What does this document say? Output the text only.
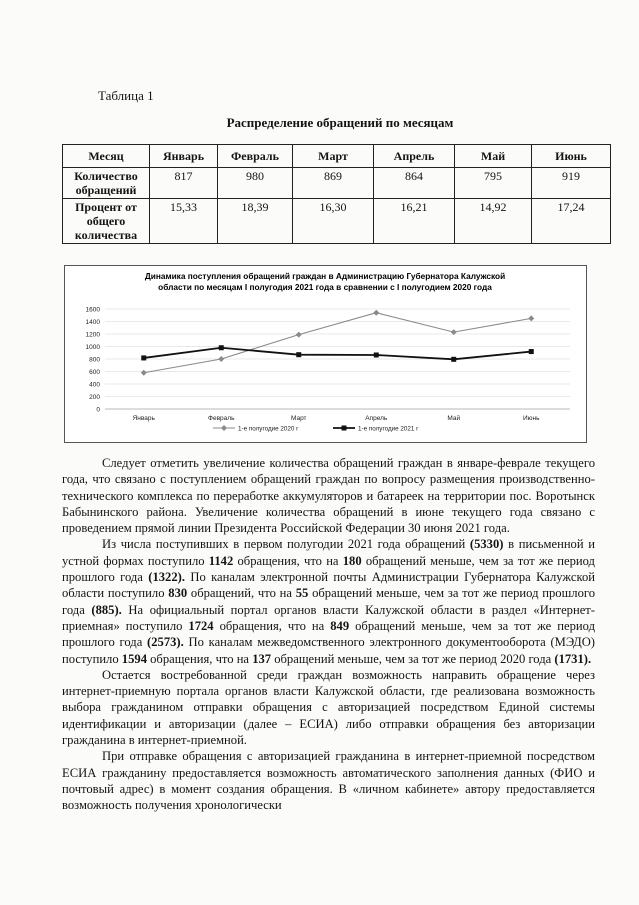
Таблица 1
Распределение обращений по месяцам
Месяц	Январь	Февраль	Март	Апрель	Май	Июнь
Количество обращений	817	980	869	864	795	919
Процент от общего количества	15,33	18,39	16,30	16,21	14,92	17,24
Динамика поступления обращений граждан в Администрацию Губернатора Калужской
области по месяцам I полугодия 2021 года в сравнении с I полугодием 2020 года
0
200
400
600
800
1000
1200
1400
1600
Январь	Февраль	Март	Апрель	Май	Июнь
1-е полугодие 2020 г	1-е полугодие 2021 г

Следует отметить увеличение количества обращений граждан в январе-феврале текущего года, что связано с поступлением обращений граждан по вопросу размещения производственно-технического комплекса по переработке аккумуляторов и батареек на территории пос. Воротынск Бабынинского района. Увеличение количества обращений в июне текущего года связано с проведением прямой линии Президента Российской Федерации 30 июня 2021 года.

Из числа поступивших в первом полугодии 2021 года обращений (5330) в письменной и устной формах поступило 1142 обращения, что на 180 обращений меньше, чем за тот же период прошлого года (1322). По каналам электронной почты Администрации Губернатора Калужской области поступило 830 обращений, что на 55 обращений меньше, чем за тот же период прошлого года (885). На официальный портал органов власти Калужской области в раздел «Интернет-приемная» поступило 1724 обращения, что на 849 обращений меньше, чем за тот же период прошлого года (2573). По каналам межведомственного электронного документооборота (МЭДО) поступило 1594 обращения, что на 137 обращений меньше, чем за тот же период 2020 года (1731).

Остается востребованной среди граждан возможность направить обращение через интернет-приемную портала органов власти Калужской области, где реализована возможность выбора гражданином отправки обращения с авторизацией посредством Единой системы идентификации и авторизации (далее – ЕСИА) либо отправки обращения без авторизации гражданина в интернет-приемной.

При отправке обращения с авторизацией гражданина в интернет-приемной посредством ЕСИА гражданину предоставляется возможность автоматического заполнения данных (ФИО и почтовый адрес) в момент создания обращения. В «личном кабинете» автору предоставляется возможность получения хронологически
